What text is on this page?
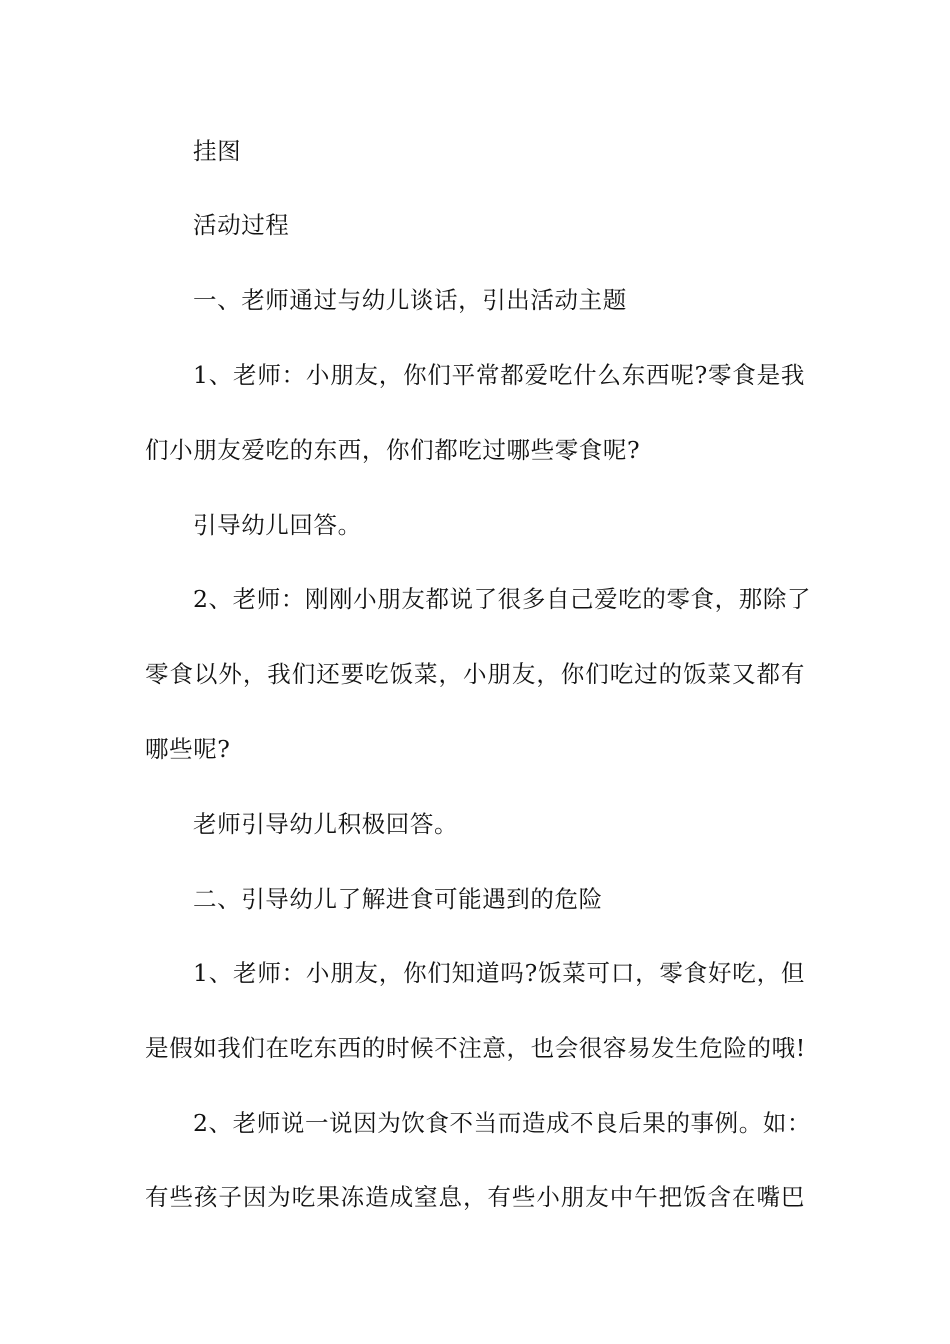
挂图
活动过程
一、老师通过与幼儿谈话，引出活动主题
1、老师：小朋友，你们平常都爱吃什么东西呢?零食是我
们小朋友爱吃的东西，你们都吃过哪些零食呢?
引导幼儿回答。
2、老师：刚刚小朋友都说了很多自己爱吃的零食，那除了
零食以外，我们还要吃饭菜，小朋友，你们吃过的饭菜又都有
哪些呢?
老师引导幼儿积极回答。
二、引导幼儿了解进食可能遇到的危险
1、老师：小朋友，你们知道吗?饭菜可口，零食好吃，但
是假如我们在吃东西的时候不注意，也会很容易发生危险的哦!
2、老师说一说因为饮食不当而造成不良后果的事例。如：
有些孩子因为吃果冻造成窒息，有些小朋友中午把饭含在嘴巴
